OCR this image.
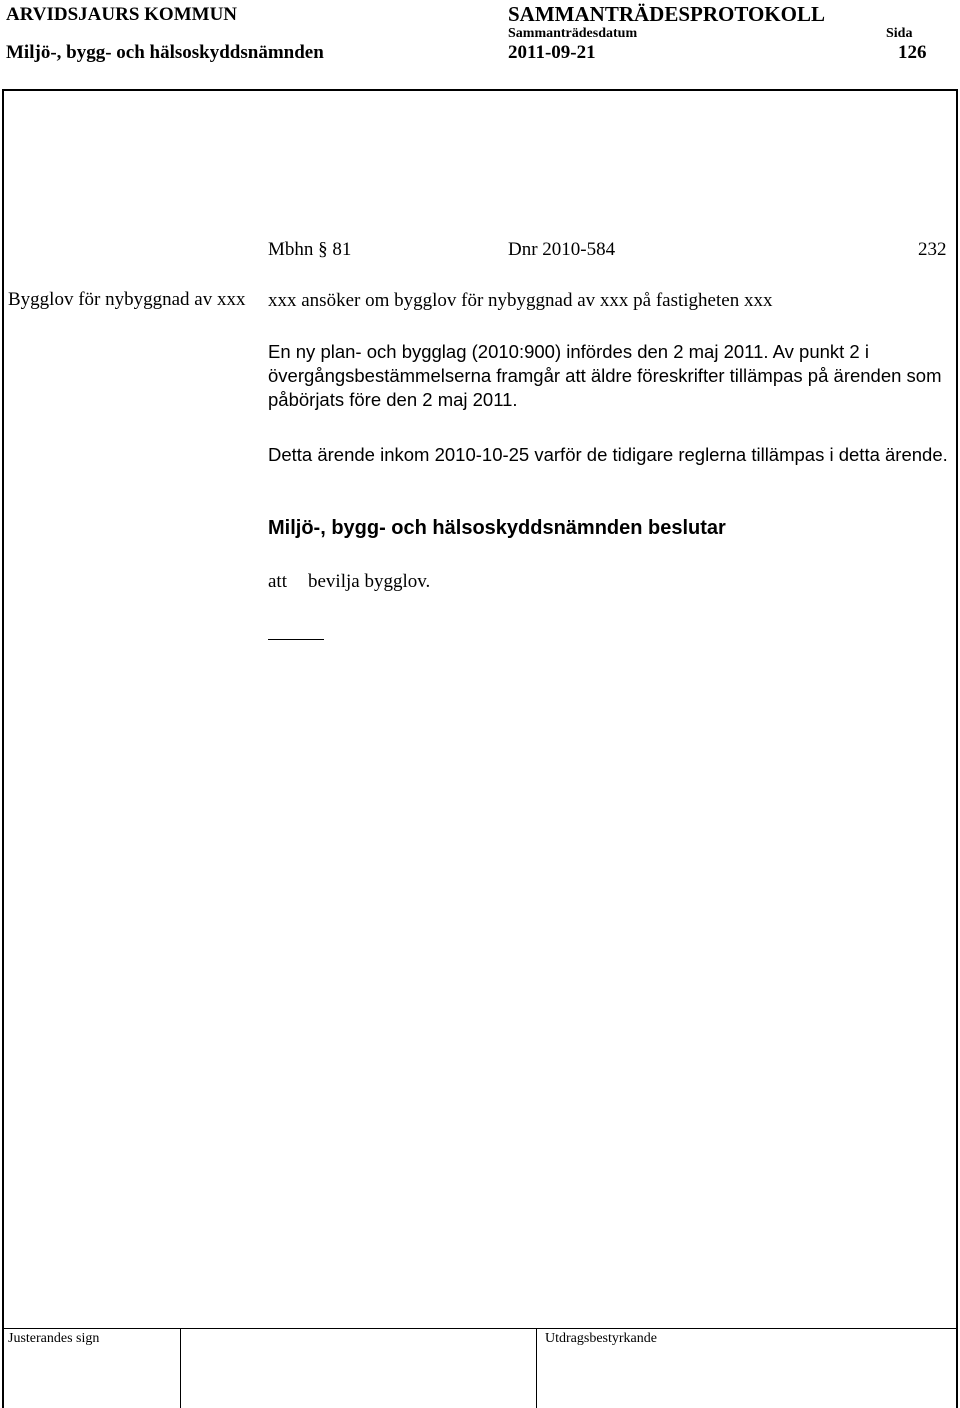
ARVIDSJAURS KOMMUN	SAMMANTRÄDESPROTOKOLL
Sammanträdesdatum	Sida
Miljö-, bygg- och hälsoskyddsnämnden	2011-09-21	126
Mbhn § 81	Dnr 2010-584	232
Bygglov för nybyggnad av xxx	xxx ansöker om bygglov för nybyggnad av xxx på fastigheten xxx
En ny plan- och bygglag (2010:900) infördes den 2 maj 2011. Av punkt 2 i övergångsbestämmelserna framgår att äldre föreskrifter tillämpas på ärenden som påbörjats före den 2 maj 2011.
Detta ärende inkom 2010-10-25 varför de tidigare reglerna tillämpas i detta ärende.
Miljö-, bygg- och hälsoskyddsnämnden beslutar
att bevilja bygglov.
Justerandes sign	Utdragsbestyrkande
